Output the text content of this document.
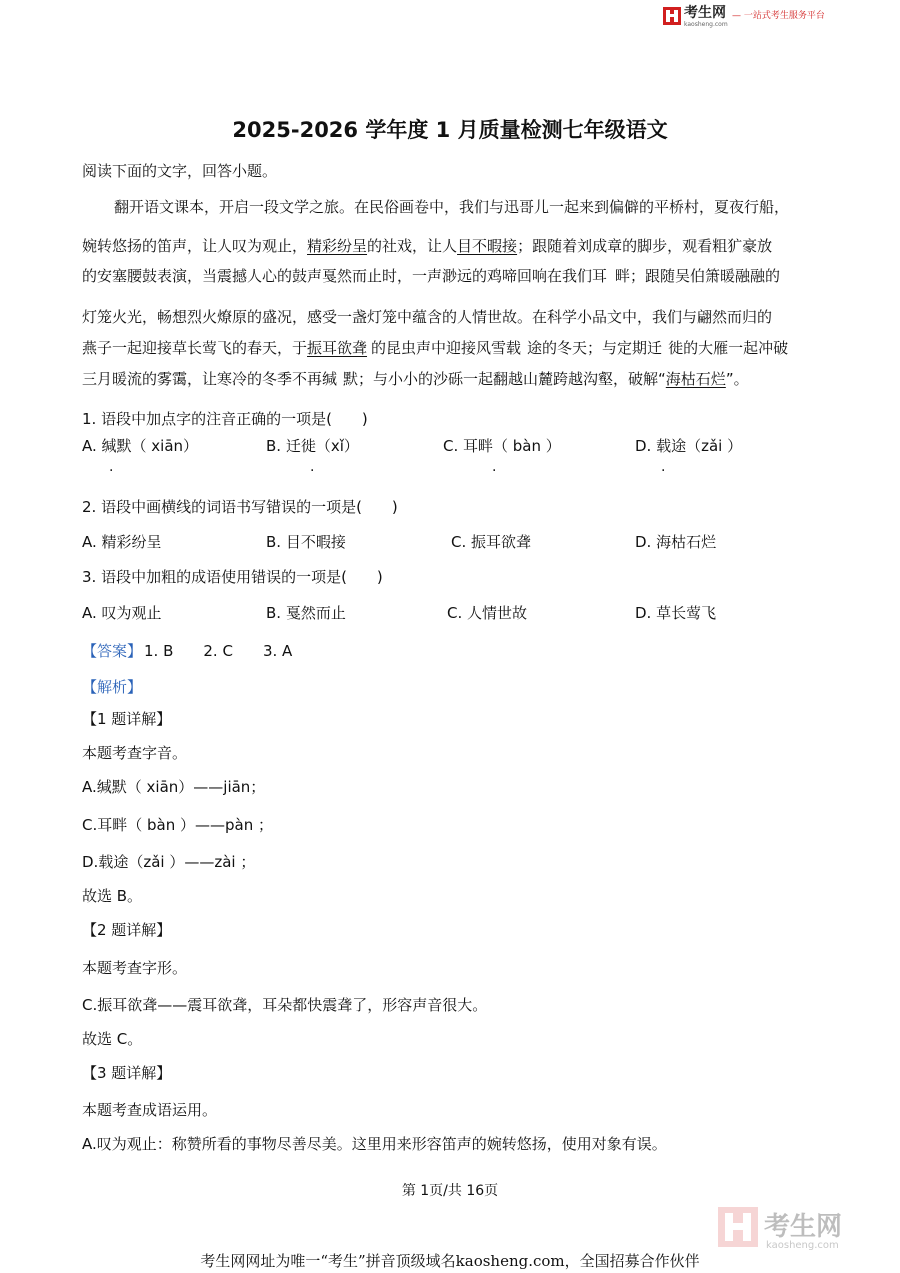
考生网
kaosheng.com
— 一站式考生服务平台
2025-2026 学年度 1 月质量检测七年级语文
阅读下面的文字，回答小题。
翻开语文课本，开启一段文学之旅。在民俗画卷中，我们与迅哥儿一起来到偏僻的平桥村，夏夜行船，
婉转悠扬的笛声，让人叹为观止，精彩纷呈的社戏，让人目不暇接；跟随着刘成章的脚步，观看粗犷豪放
的安塞腰鼓表演，当震撼人心的鼓声戛然而止时，一声渺远的鸡啼回响在我们耳 畔；跟随吴伯箫暖融融的
灯笼火光，畅想烈火燎原的盛况，感受一盏灯笼中蕴含的人情世故。在科学小品文中，我们与翩然而归的
燕子一起迎接草长莺飞的春天，于振耳欲聋 的昆虫声中迎接风雪载 途的冬天；与定期迁 徙的大雁一起冲破
三月暖流的雾霭，让寒冷的冬季不再缄 默；与小小的沙砾一起翻越山麓跨越沟壑，破解“海枯石烂”。
1. 语段中加点字的注音正确的一项是(　　)
A. 缄默（ xiān）	B. 迁徙（xǐ）	C. 耳畔（ bàn ）	D. 载途（zǎi ）
·	·	·	·
2. 语段中画横线的词语书写错误的一项是(　　)
A. 精彩纷呈	B. 目不暇接	C. 振耳欲聋	D. 海枯石烂
3. 语段中加粗的成语使用错误的一项是(　　)
A. 叹为观止	B. 戛然而止	C. 人情世故	D. 草长莺飞
【答案】 1. B 2. C 3. A
【解析】
【1 题详解】
本题考查字音。
A.缄默（ xiān）——jiān；
C.耳畔（ bàn ）——pàn ；
D.载途（zǎi ）——zài ；
故选 B。
【2 题详解】
本题考查字形。
C.振耳欲聋——震耳欲聋，耳朵都快震聋了，形容声音很大。
故选 C。
【3 题详解】
本题考查成语运用。
A.叹为观止：称赞所看的事物尽善尽美。这里用来形容笛声的婉转悠扬，使用对象有误。
第 1页/共 16页
考生网
kaosheng.com
考生网网址为唯一“考生”拼音顶级域名kaosheng.com，全国招募合作伙伴
